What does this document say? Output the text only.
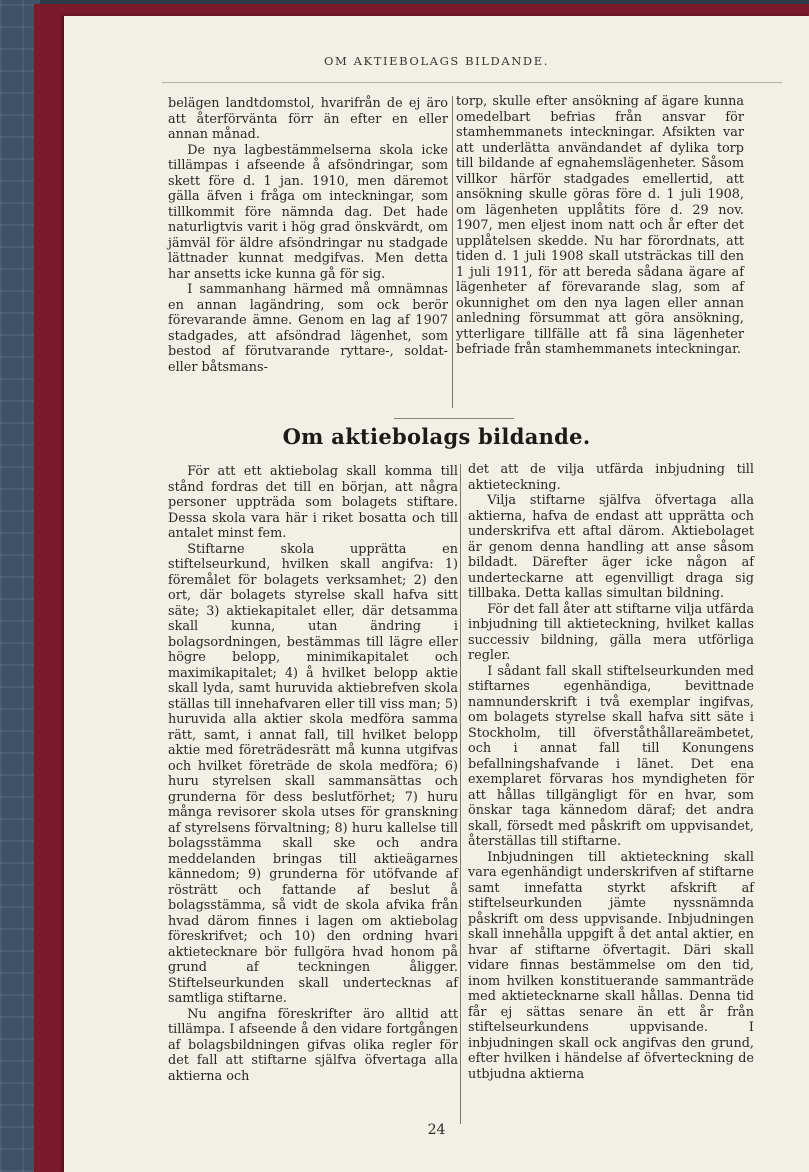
OM AKTIEBOLAGS BILDANDE.

belägen landtdomstol, hvarifrån de ej äro att återförvänta förr än efter en eller annan månad.

De nya lagbestämmelserna skola icke tillämpas i afseende å afsöndringar, som skett före d. 1 jan. 1910, men däremot gälla äfven i fråga om inteckningar, som tillkommit före nämnda dag. Det hade naturligtvis varit i hög grad önskvärdt, om jämväl för äldre afsöndringar nu stadgade lättnader kunnat medgifvas. Men detta har ansetts icke kunna gå för sig.

I sammanhang härmed må omnämnas en annan lagändring, som ock berör förevarande ämne. Genom en lag af 1907 stadgades, att afsöndrad lägenhet, som bestod af förutvarande ryttare-, soldat- eller båtsmans-

torp, skulle efter ansökning af ägare kunna omedelbart befrias från ansvar för stamhemmanets inteckningar. Afsikten var att underlätta användandet af dylika torp till bildande af egnahemslägenheter. Såsom villkor härför stadgades emellertid, att ansökning skulle göras före d. 1 juli 1908, om lägenheten upplåtits före d. 29 nov. 1907, men eljest inom natt och år efter det upplåtelsen skedde. Nu har förordnats, att tiden d. 1 juli 1908 skall utsträckas till den 1 juli 1911, för att bereda sådana ägare af lägenheter af förevarande slag, som af okunnighet om den nya lagen eller annan anledning försummat att göra ansökning, ytterligare tillfälle att få sina lägenheter befriade från stamhemmanets inteckningar.

Om aktiebolags bildande.

För att ett aktiebolag skall komma till stånd fordras det till en början, att några personer uppträda som bolagets stiftare. Dessa skola vara här i riket bosatta och till antalet minst fem.

Stiftarne skola upprätta en stiftelseurkund, hvilken skall angifva: 1) föremålet för bolagets verksamhet; 2) den ort, där bolagets styrelse skall hafva sitt säte; 3) aktiekapitalet eller, där detsamma skall kunna, utan ändring i bolagsordningen, bestämmas till lägre eller högre belopp, minimikapitalet och maximikapitalet; 4) å hvilket belopp aktie skall lyda, samt huruvida aktiebrefven skola ställas till innehafvaren eller till viss man; 5) huruvida alla aktier skola medföra samma rätt, samt, i annat fall, till hvilket belopp aktie med företrädesrätt må kunna utgifvas och hvilket företräde de skola medföra; 6) huru styrelsen skall sammansättas och grunderna för dess beslutförhet; 7) huru många revisorer skola utses för granskning af styrelsens förvaltning; 8) huru kallelse till bolagsstämma skall ske och andra meddelanden bringas till aktieägarnes kännedom; 9) grunderna för utöfvande af rösträtt och fattande af beslut å bolagsstämma, så vidt de skola afvika från hvad därom finnes i lagen om aktiebolag föreskrifvet; och 10) den ordning hvari aktietecknare bör fullgöra hvad honom på grund af teckningen åligger. Stiftelseurkunden skall undertecknas af samtliga stiftarne.

Nu angifna föreskrifter äro alltid att tillämpa. I afseende å den vidare fortgången af bolagsbildningen gifvas olika regler för det fall att stiftarne själfva öfvertaga alla aktierna och

det att de vilja utfärda inbjudning till aktieteckning.

Vilja stiftarne själfva öfvertaga alla aktierna, hafva de endast att upprätta och underskrifva ett aftal därom. Aktiebolaget är genom denna handling att anse såsom bildadt. Därefter äger icke någon af underteckarne att egenvilligt draga sig tillbaka. Detta kallas simultan bildning.

För det fall åter att stiftarne vilja utfärda inbjudning till aktieteckning, hvilket kallas successiv bildning, gälla mera utförliga regler.

I sådant fall skall stiftelseurkunden med stiftarnes egenhändiga, bevittnade namnunderskrift i två exemplar ingifvas, om bolagets styrelse skall hafva sitt säte i Stockholm, till öfverståthållareämbetet, och i annat fall till Konungens befallningshafvande i länet. Det ena exemplaret förvaras hos myndigheten för att hållas tillgängligt för en hvar, som önskar taga kännedom däraf; det andra skall, försedt med påskrift om uppvisandet, återställas till stiftarne.

Inbjudningen till aktieteckning skall vara egenhändigt underskrifven af stiftarne samt innefatta styrkt afskrift af stiftelseurkunden jämte nyssnämnda påskrift om dess uppvisande. Inbjudningen skall innehålla uppgift å det antal aktier, en hvar af stiftarne öfvertagit. Däri skall vidare finnas bestämmelse om den tid, inom hvilken konstituerande sammanträde med aktietecknarne skall hållas. Denna tid får ej sättas senare än ett år från stiftelseurkundens uppvisande. I inbjudningen skall ock angifvas den grund, efter hvilken i händelse af öfverteckning de utbjudna aktierna

24
